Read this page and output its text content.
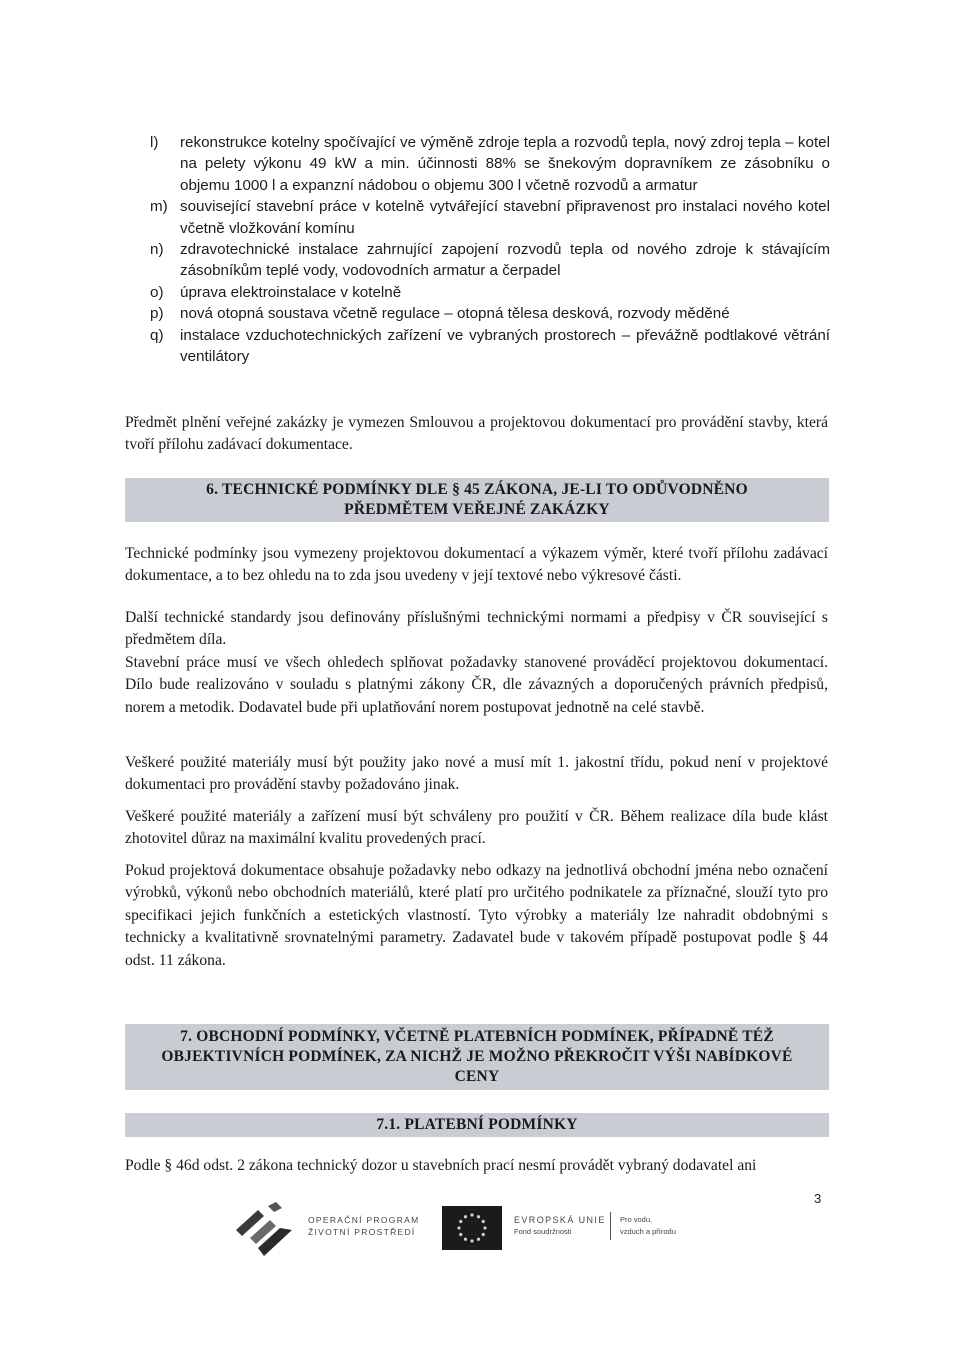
l) rekonstrukce kotelny spočívající ve výměně zdroje tepla a rozvodů tepla, nový zdroj tepla – kotel na pelety výkonu 49 kW a min. účinnosti 88% se šnekovým dopravníkem ze zásobníku o objemu 1000 l a expanzní nádobou o objemu 300 l včetně rozvodů a armatur
m) související stavební práce v kotelně vytvářející stavební připravenost pro instalaci nového kotel včetně vložkování komínu
n) zdravotechnické instalace zahrnující zapojení rozvodů tepla od nového zdroje k stávajícím zásobníkům teplé vody, vodovodních armatur a čerpadel
o) úprava elektroinstalace v kotelně
p) nová otopná soustava včetně regulace – otopná tělesa desková, rozvody měděné
q) instalace vzduchotechnických zařízení ve vybraných prostorech – převážně podtlakové větrání ventilátory

Předmět plnění veřejné zakázky je vymezen Smlouvou a projektovou dokumentací pro provádění stavby, která tvoří přílohu zadávací dokumentace.

6. TECHNICKÉ PODMÍNKY DLE § 45 ZÁKONA, JE-LI TO ODŮVODNĚNO
PŘEDMĚTEM VEŘEJNÉ ZAKÁZKY

Technické podmínky jsou vymezeny projektovou dokumentací a výkazem výměr, které tvoří přílohu zadávací dokumentace, a to bez ohledu na to zda jsou uvedeny v její textové nebo výkresové části.

Další technické standardy jsou definovány příslušnými technickými normami a předpisy v ČR související s předmětem díla.

Stavební práce musí ve všech ohledech splňovat požadavky stanovené prováděcí projektovou dokumentací. Dílo bude realizováno v souladu s platnými zákony ČR, dle závazných a doporučených právních předpisů, norem a metodik. Dodavatel bude při uplatňování norem postupovat jednotně na celé stavbě.

Veškeré použité materiály musí být použity jako nové a musí mít 1. jakostní třídu, pokud není v projektové dokumentaci pro provádění stavby požadováno jinak.

Veškeré použité materiály a zařízení musí být schváleny pro použití v ČR. Během realizace díla bude klást zhotovitel důraz na maximální kvalitu provedených prací.

Pokud projektová dokumentace obsahuje požadavky nebo odkazy na jednotlivá obchodní jména nebo označení výrobků, výkonů nebo obchodních materiálů, které platí pro určitého podnikatele za příznačné, slouží tyto pro specifikaci jejich funkčních a estetických vlastností. Tyto výrobky a materiály lze nahradit obdobnými s technicky a kvalitativně srovnatelnými parametry. Zadavatel bude v takovém případě postupovat podle § 44 odst. 11 zákona.

7. OBCHODNÍ PODMÍNKY, VČETNĚ PLATEBNÍCH PODMÍNEK, PŘÍPADNĚ TÉŽ
OBJEKTIVNÍCH PODMÍNEK, ZA NICHŽ JE MOŽNO PŘEKROČIT VÝŠI NABÍDKOVÉ
CENY
7.1. PLATEBNÍ PODMÍNKY

Podle § 46d odst. 2 zákona technický dozor u stavebních prací nesmí provádět vybraný dodavatel ani

3
OPERAČNÍ PROGRAM
ŽIVOTNÍ PROSTŘEDÍ
EVROPSKÁ UNIE
Fond soudržnosti
Pro vodu,
vzduch a přírodu
